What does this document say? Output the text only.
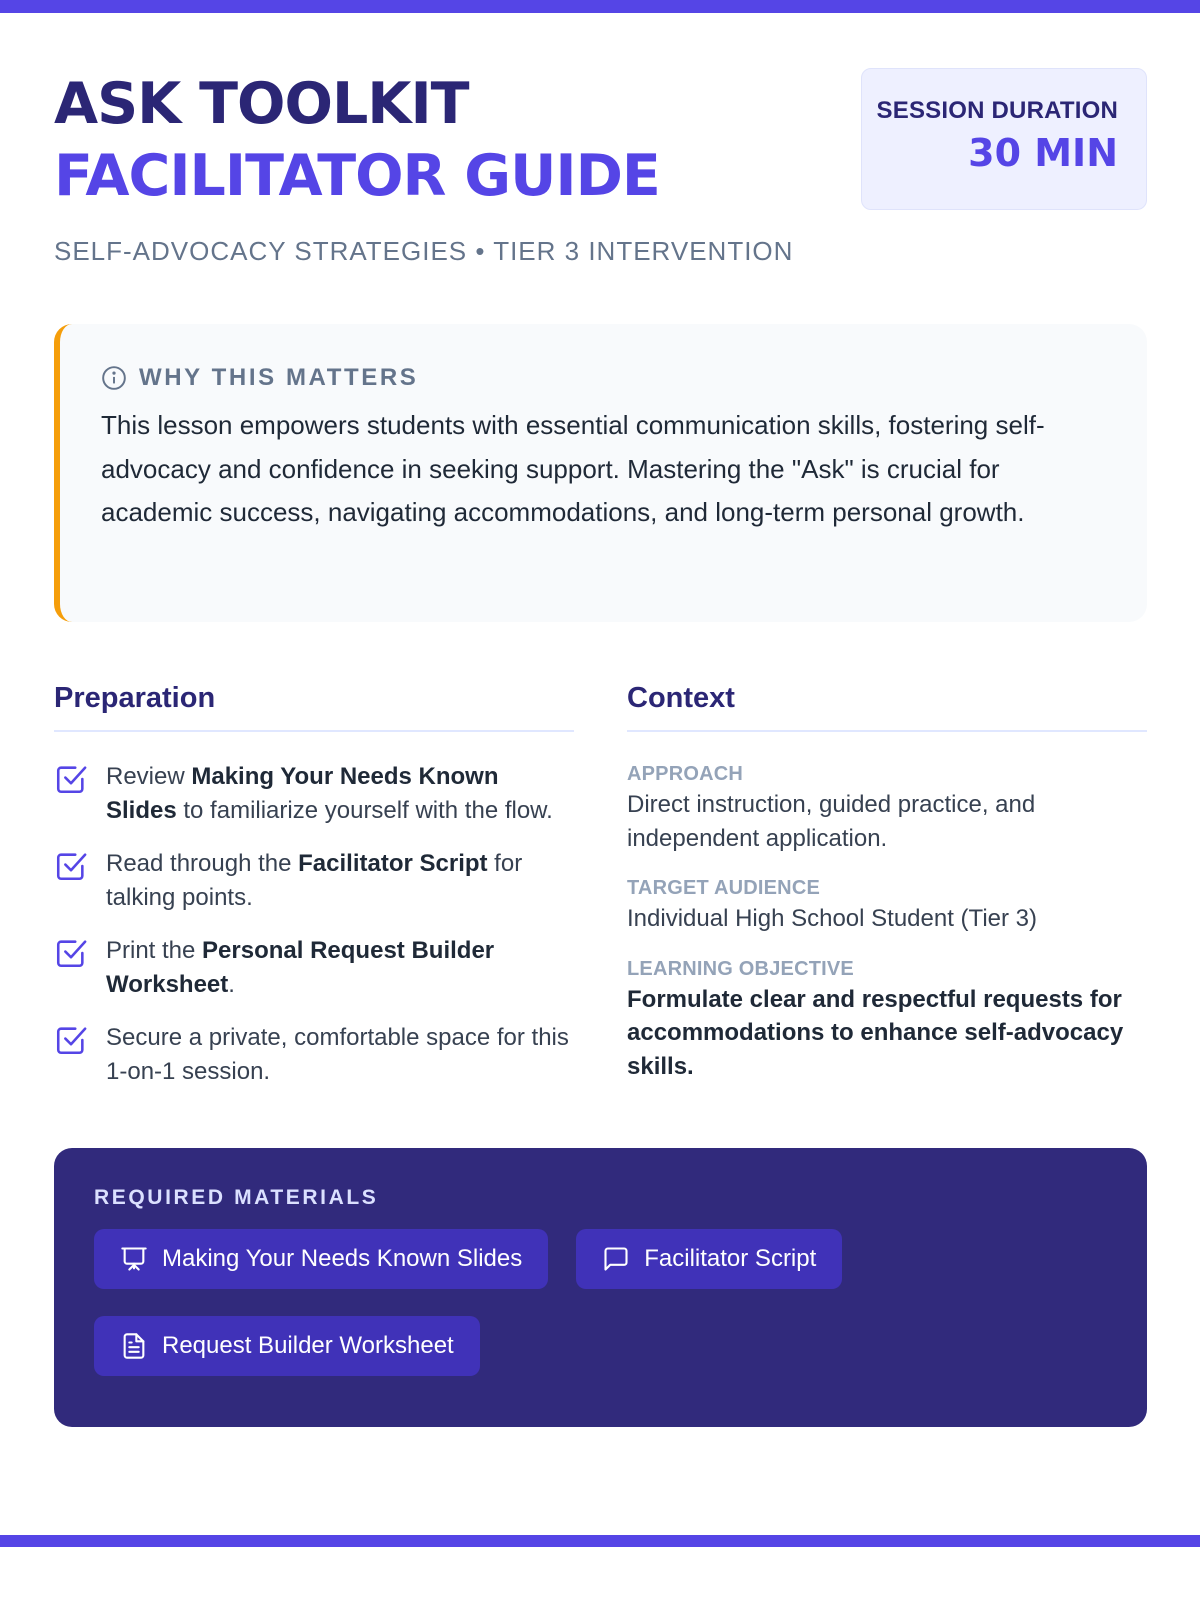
ASK TOOLKIT
FACILITATOR GUIDE
SELF-ADVOCACY STRATEGIES • TIER 3 INTERVENTION
SESSION DURATION
30 MIN
WHY THIS MATTERS
This lesson empowers students with essential communication skills, fostering self-advocacy and confidence in seeking support. Mastering the "Ask" is crucial for academic success, navigating accommodations, and long-term personal growth.
Preparation	Context
Review Making Your Needs Known Slides to familiarize yourself with the flow.
Read through the Facilitator Script for talking points.
Print the Personal Request Builder Worksheet.
Secure a private, comfortable space for this 1-on-1 session.
APPROACH
Direct instruction, guided practice, and independent application.
TARGET AUDIENCE
Individual High School Student (Tier 3)
LEARNING OBJECTIVE
Formulate clear and respectful requests for accommodations to enhance self-advocacy skills.
REQUIRED MATERIALS
Making Your Needs Known Slides	Facilitator Script
Request Builder Worksheet
